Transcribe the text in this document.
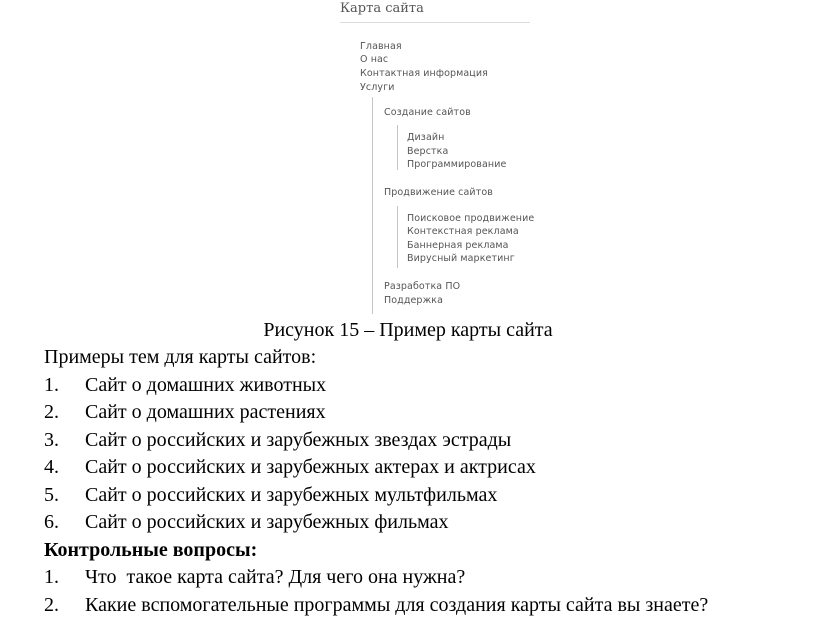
Карта сайта
Главная
О нас
Контактная информация
Услуги
Создание сайтов
Дизайн
Верстка
Программирование
Продвижение сайтов
Поисковое продвижение
Контекстная реклама
Баннерная реклама
Вирусный маркетинг
Разработка ПО
Поддержка
Рисунок 15 – Пример карты сайта
Примеры тем для карты сайтов:
1.	Сайт о домашних животных
2.	Сайт о домашних растениях
3.	Сайт о российских и зарубежных звездах эстрады
4.	Сайт о российских и зарубежных актерах и актрисах
5.	Сайт о российских и зарубежных мультфильмах
6.	Сайт о российских и зарубежных фильмах
Контрольные вопросы:
1.	Что  такое карта сайта? Для чего она нужна?
2.	Какие вспомогательные программы для создания карты сайта вы знаете?
